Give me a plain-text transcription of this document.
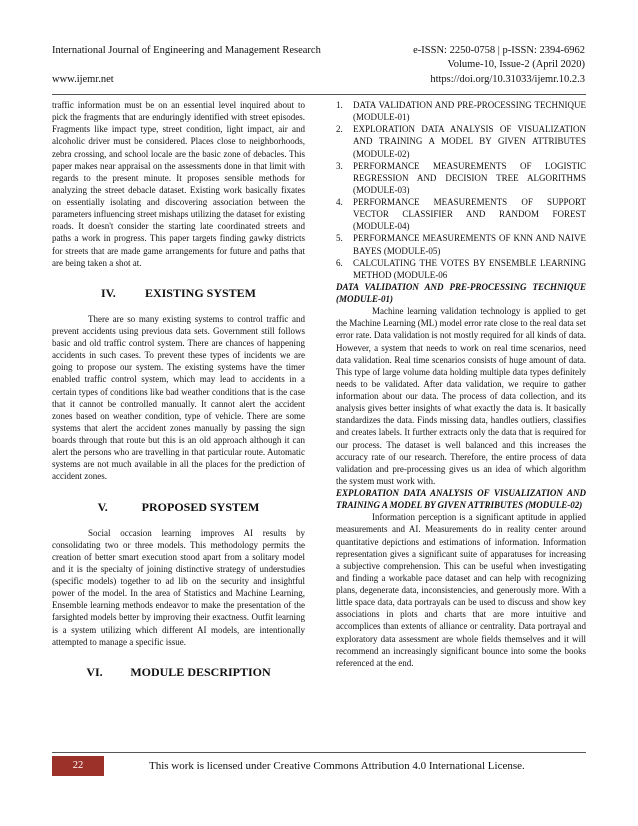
International Journal of Engineering and Management Research
www.ijemr.net
e-ISSN: 2250-0758 | p-ISSN: 2394-6962
Volume-10, Issue-2 (April 2020)
https://doi.org/10.31033/ijemr.10.2.3

traffic information must be on an essential level inquired about to pick the fragments that are enduringly identified with street episodes. Fragments like impact type, street condition, light impact, air and alcoholic driver must be considered. Places close to neighborhoods, zebra crossing, and school locale are the basic zone of debacles. This paper makes near appraisal on the assessments done in that limit with regards to the present minute. It proposes sensible methods for analyzing the street debacle dataset. Existing work basically fixates on essentially isolating and discovering association between the parameters influencing street mishaps utilizing the dataset for existing roads. It doesn't consider the starting late coordinated streets and paths a work in progress. This paper targets finding gawky districts for streets that are made game arrangements for future and paths that are being taken a shot at.

IV.	EXISTING SYSTEM

There are so many existing systems to control traffic and prevent accidents using previous data sets. Government still follows basic and old traffic control system. There are chances of happening accidents in such cases. To prevent these types of incidents we are going to propose our system. The existing systems have the timer enabled traffic control system, which may lead to accidents in a certain types of conditions like bad weather conditions that is the case that it cannot be controlled manually. It cannot alert the accident zones based on weather condition, type of vehicle. There are some systems that alert the accident zones manually by passing the sign boards through that route but this is an old approach although it can alert the persons who are travelling in that particular route. Automatic systems are not much available in all the places for the prediction of accident zones.

V.	PROPOSED SYSTEM

Social occasion learning improves AI results by consolidating two or three models. This methodology permits the creation of better smart execution stood apart from a solitary model and it is the specialty of joining distinctive strategy of understudies (specific models) together to ad lib on the security and insightful power of the model. In the area of Statistics and Machine Learning, Ensemble learning methods endeavor to make the presentation of the farsighted models better by improving their exactness. Outfit learning is a system utilizing which different AI models, are intentionally attempted to manage a specific issue.

VI.	MODULE DESCRIPTION
1. DATA VALIDATION AND PRE-PROCESSING TECHNIQUE (MODULE-01)
2. EXPLORATION DATA ANALYSIS OF VISUALIZATION AND TRAINING A MODEL BY GIVEN ATTRIBUTES (MODULE-02)
3. PERFORMANCE MEASUREMENTS OF LOGISTIC REGRESSION AND DECISION TREE ALGORITHMS (MODULE-03)
4. PERFORMANCE MEASUREMENTS OF SUPPORT VECTOR CLASSIFIER AND RANDOM FOREST (MODULE-04)
5. PERFORMANCE MEASUREMENTS OF KNN AND NAIVE BAYES (MODULE-05)
6. CALCULATING THE VOTES BY ENSEMBLE LEARNING METHOD (MODULE-06

DATA VALIDATION AND PRE-PROCESSING TECHNIQUE (MODULE-01)

Machine learning validation technology is applied to get the Machine Learning (ML) model error rate close to the real data set error rate. Data validation is not mostly required for all kinds of data. However, a system that needs to work on real time scenarios, need data validation. Real time scenarios consists of huge amount of data. This type of large volume data holding multiple data types definitely needs to be validated. After data validation, we require to gather information about our data. The process of data collection, and its analysis gives better insights of what exactly the data is. It basically standardizes the data. Finds missing data, handles outliers, classifies and creates labels. It further extracts only the data that is required for our process. The dataset is well balanced and this increases the accuracy rate of our research. Therefore, the entire process of data validation and pre-processing gives us an idea of which algorithm the system must work with.

EXPLORATION DATA ANALYSIS OF VISUALIZATION AND TRAINING A MODEL BY GIVEN ATTRIBUTES (MODULE-02)

Information perception is a significant aptitude in applied measurements and AI. Measurements do in reality center around quantitative depictions and estimations of information. Information representation gives a significant suite of apparatuses for increasing a subjective comprehension. This can be useful when investigating and finding a workable pace dataset and can help with recognizing plans, degenerate data, inconsistencies, and generously more. With a little space data, data portrayals can be used to discuss and show key associations in plots and charts that are more intuitive and accomplices than extents of alliance or centrality. Data portrayal and exploratory data assessment are whole fields themselves and it will recommend an increasingly significant bounce into some the books referenced at the end.

22	This work is licensed under Creative Commons Attribution 4.0 International License.
